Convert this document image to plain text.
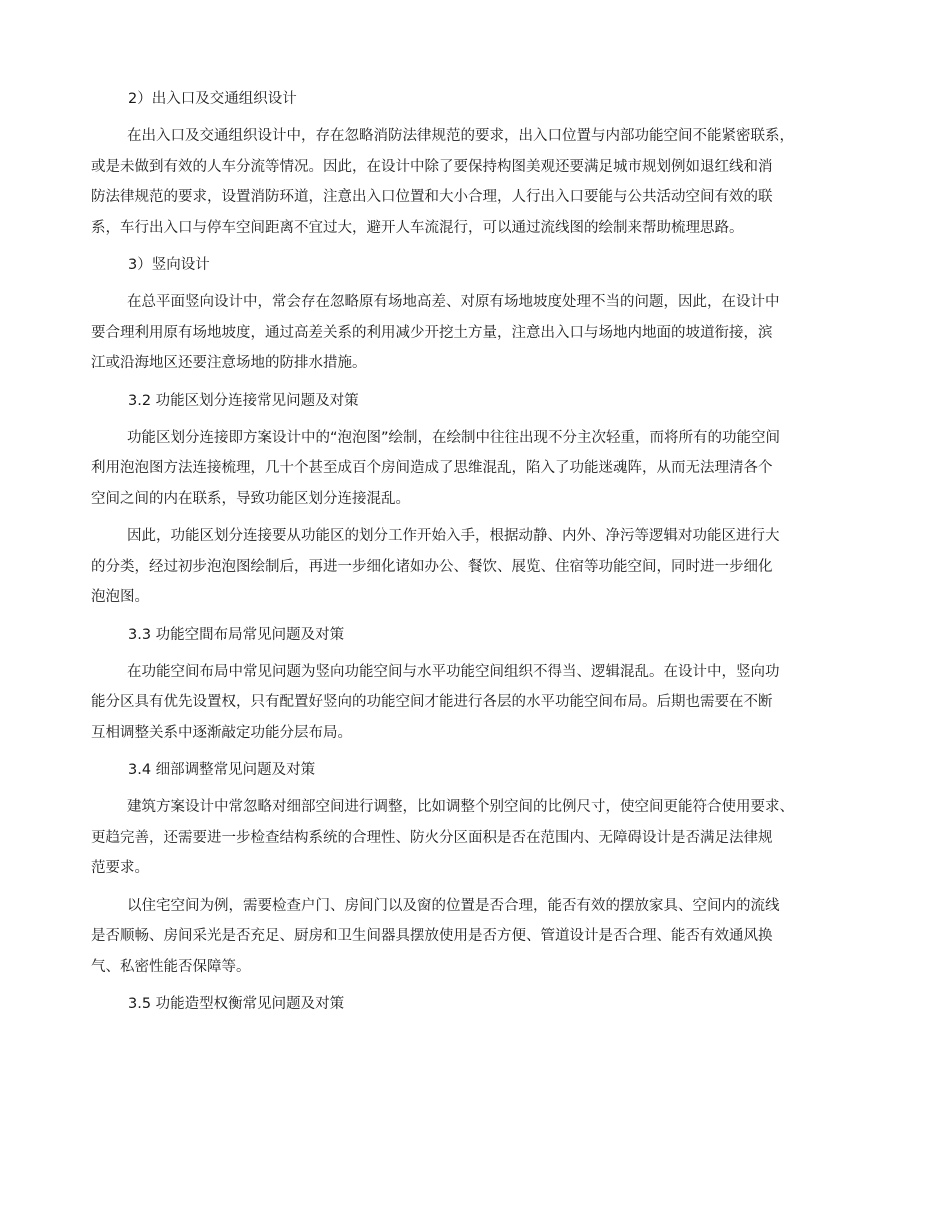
2）出入口及交通组织设计

在出入口及交通组织设计中，存在忽略消防法律规范的要求，出入口位置与内部功能空间不能紧密联系，
或是未做到有效的人车分流等情况。因此，在设计中除了要保持构图美观还要满足城市规划例如退红线和消
防法律规范的要求，设置消防环道，注意出入口位置和大小合理，人行出入口要能与公共活动空间有效的联
系，车行出入口与停车空间距离不宜过大，避开人车流混行，可以通过流线图的绘制来帮助梳理思路。

3）竖向设计

在总平面竖向设计中，常会存在忽略原有场地高差、对原有场地坡度处理不当的问题，因此，在设计中
要合理利用原有场地坡度，通过高差关系的利用减少开挖土方量，注意出入口与场地内地面的坡道衔接，滨
江或沿海地区还要注意场地的防排水措施。

3.2 功能区划分连接常见问题及对策

功能区划分连接即方案设计中的“泡泡图”绘制，在绘制中往往出现不分主次轻重，而将所有的功能空间
利用泡泡图方法连接梳理，几十个甚至成百个房间造成了思维混乱，陷入了功能迷魂阵，从而无法理清各个
空间之间的内在联系，导致功能区划分连接混乱。
因此，功能区划分连接要从功能区的划分工作开始入手，根据动静、内外、净污等逻辑对功能区进行大
的分类，经过初步泡泡图绘制后，再进一步细化诸如办公、餐饮、展览、住宿等功能空间，同时进一步细化
泡泡图。

3.3 功能空間布局常见问题及对策

在功能空间布局中常见问题为竖向功能空间与水平功能空间组织不得当、逻辑混乱。在设计中，竖向功
能分区具有优先设置权，只有配置好竖向的功能空间才能进行各层的水平功能空间布局。后期也需要在不断
互相调整关系中逐渐敲定功能分层布局。

3.4 细部调整常见问题及对策

建筑方案设计中常忽略对细部空间进行调整，比如调整个别空间的比例尺寸，使空间更能符合使用要求、
更趋完善，还需要进一步检查结构系统的合理性、防火分区面积是否在范围内、无障碍设计是否满足法律规
范要求。
以住宅空间为例，需要检查户门、房间门以及窗的位置是否合理，能否有效的摆放家具、空间内的流线
是否顺畅、房间采光是否充足、厨房和卫生间器具摆放使用是否方便、管道设计是否合理、能否有效通风换
气、私密性能否保障等。

3.5 功能造型权衡常见问题及对策
